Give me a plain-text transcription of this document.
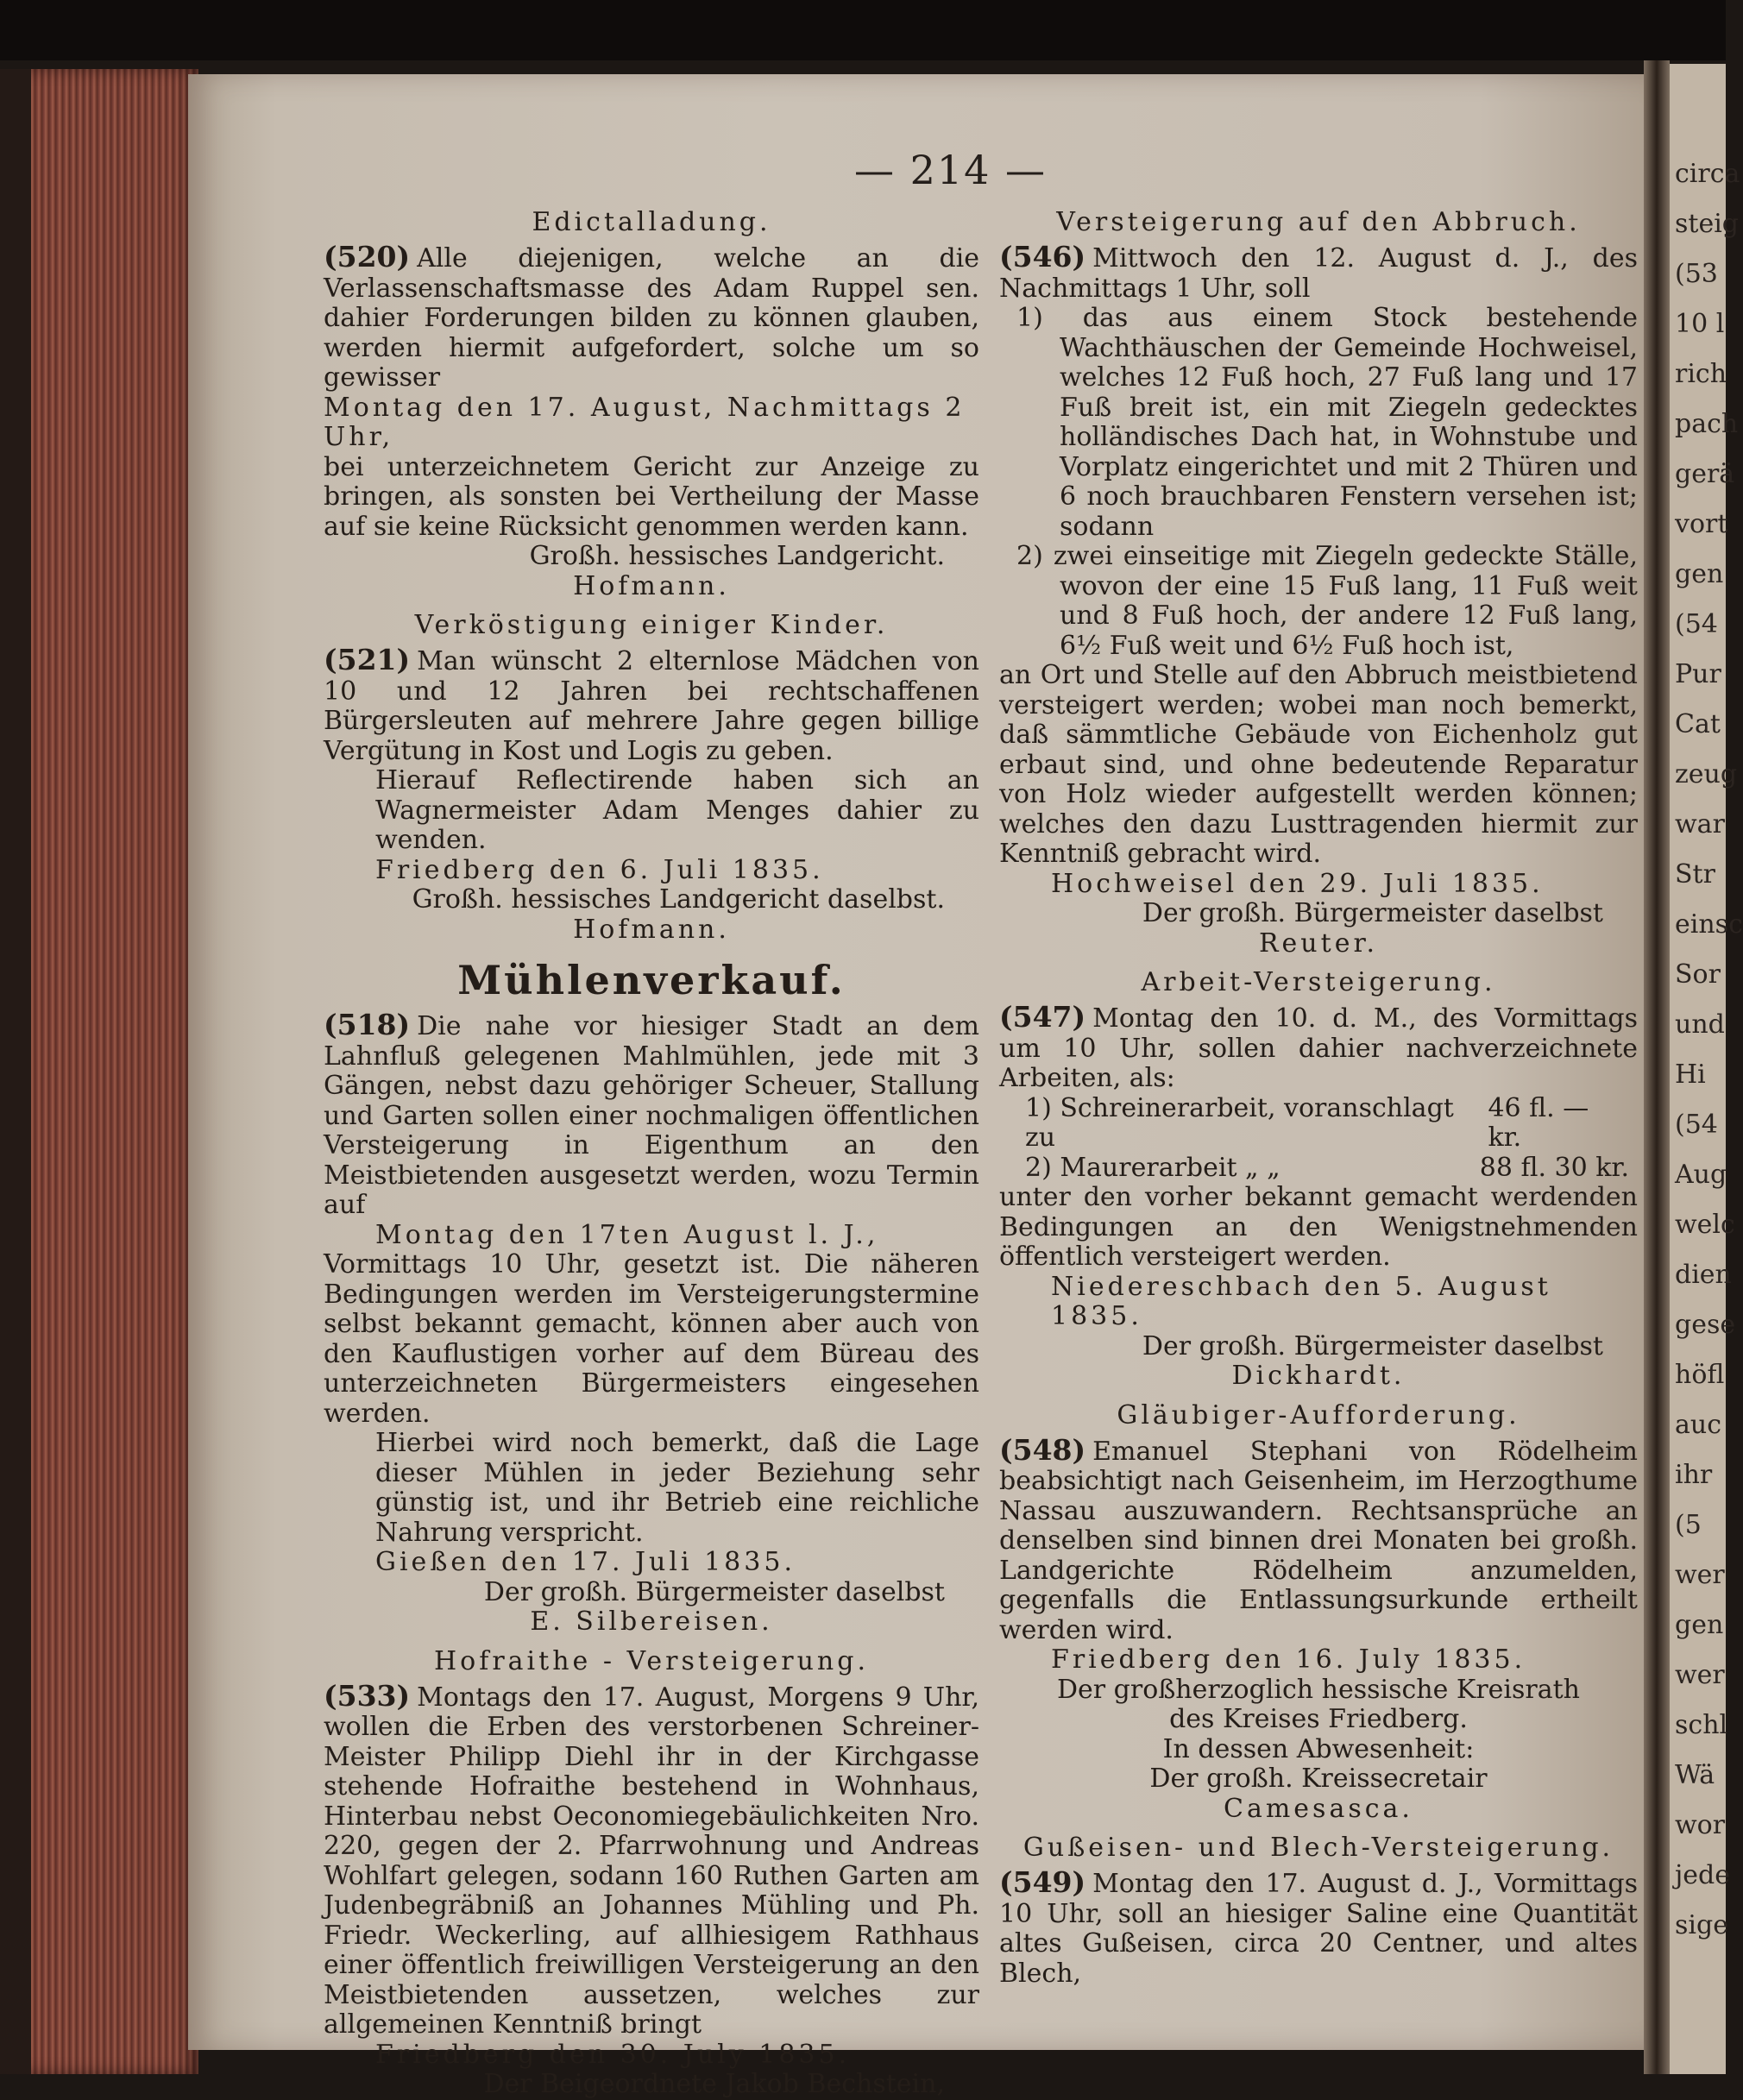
circa
steig
(53
10 l
rich
pach
gerä
vort
gen
(54
Pur
Cat
zeug
war
Str
einsc
Sor
und
Hi
(54
Aug
welc
dien
gese
höfl
auc
ihr
(5
wer
gen
wer
schl
Wä
wor
jede
sige
— 214 —
Edictalladung.
(520) Alle diejenigen, welche an die Verlassenschaftsmasse des Adam Ruppel sen. dahier Forderungen bilden zu können glauben, werden hiermit aufgefordert, solche um so gewisser
Montag den 17. August, Nachmittags 2 Uhr,
bei unterzeichnetem Gericht zur Anzeige zu bringen, als sonsten bei Vertheilung der Masse auf sie keine Rücksicht genommen werden kann.
Großh. hessisches Landgericht.
Hofmann.
Verköstigung einiger Kinder.
(521) Man wünscht 2 elternlose Mädchen von 10 und 12 Jahren bei rechtschaffenen Bürgersleuten auf mehrere Jahre gegen billige Vergütung in Kost und Logis zu geben.
Hierauf Reflectirende haben sich an Wagnermeister Adam Menges dahier zu wenden.
Friedberg den 6. Juli 1835.
Großh. hessisches Landgericht daselbst.
Hofmann.
Mühlenverkauf.
(518) Die nahe vor hiesiger Stadt an dem Lahnfluß gelegenen Mahlmühlen, jede mit 3 Gängen, nebst dazu gehöriger Scheuer, Stallung und Garten sollen einer nochmaligen öffentlichen Versteigerung in Eigenthum an den Meistbietenden ausgesetzt werden, wozu Termin auf
Montag den 17ten August l. J.,
Vormittags 10 Uhr, gesetzt ist. Die näheren Bedingungen werden im Versteigerungstermine selbst bekannt gemacht, können aber auch von den Kauflustigen vorher auf dem Büreau des unterzeichneten Bürgermeisters eingesehen werden.
Hierbei wird noch bemerkt, daß die Lage dieser Mühlen in jeder Beziehung sehr günstig ist, und ihr Betrieb eine reichliche Nahrung verspricht.
Gießen den 17. Juli 1835.
Der großh. Bürgermeister daselbst
E. Silbereisen.
Hofraithe - Versteigerung.
(533) Montags den 17. August, Morgens 9 Uhr, wollen die Erben des verstorbenen Schreiner-Meister Philipp Diehl ihr in der Kirchgasse stehende Hofraithe bestehend in Wohnhaus, Hinterbau nebst Oeconomiegebäulichkeiten Nro. 220, gegen der 2. Pfarrwohnung und Andreas Wohlfart gelegen, sodann 160 Ruthen Garten am Judenbegräbniß an Johannes Mühling und Ph. Friedr. Weckerling, auf allhiesigem Rathhaus einer öffentlich freiwilligen Versteigerung an den Meistbietenden aussetzen, welches zur allgemeinen Kenntniß bringt
Friedberg den 30. July 1835.
Der Beigeordnete Jakob Bechstein,
Versteigerung auf den Abbruch.
(546) Mittwoch den 12. August d. J., des Nachmittags 1 Uhr, soll
1) das aus einem Stock bestehende Wachthäuschen der Gemeinde Hochweisel, welches 12 Fuß hoch, 27 Fuß lang und 17 Fuß breit ist, ein mit Ziegeln gedecktes holländisches Dach hat, in Wohnstube und Vorplatz eingerichtet und mit 2 Thüren und 6 noch brauchbaren Fenstern versehen ist; sodann
2) zwei einseitige mit Ziegeln gedeckte Ställe, wovon der eine 15 Fuß lang, 11 Fuß weit und 8 Fuß hoch, der andere 12 Fuß lang, 6½ Fuß weit und 6½ Fuß hoch ist,
an Ort und Stelle auf den Abbruch meistbietend versteigert werden; wobei man noch bemerkt, daß sämmtliche Gebäude von Eichenholz gut erbaut sind, und ohne bedeutende Reparatur von Holz wieder aufgestellt werden können; welches den dazu Lusttragenden hiermit zur Kenntniß gebracht wird.
Hochweisel den 29. Juli 1835.
Der großh. Bürgermeister daselbst
Reuter.
Arbeit-Versteigerung.
(547) Montag den 10. d. M., des Vormittags um 10 Uhr, sollen dahier nachverzeichnete Arbeiten, als:
1) Schreinerarbeit, voranschlagt zu
46 fl. — kr.
2) Maurerarbeit „ „	88 fl. 30 kr.
unter den vorher bekannt gemacht werdenden Bedingungen an den Wenigstnehmenden öffentlich versteigert werden.
Niedereschbach den 5. August 1835.
Der großh. Bürgermeister daselbst
Dickhardt.
Gläubiger-Aufforderung.
(548) Emanuel Stephani von Rödelheim beabsichtigt nach Geisenheim, im Herzogthume Nassau auszuwandern. Rechtsansprüche an denselben sind binnen drei Monaten bei großh. Landgerichte Rödelheim anzumelden, gegenfalls die Entlassungsurkunde ertheilt werden wird.
Friedberg den 16. July 1835.
Der großherzoglich hessische Kreisrath
des Kreises Friedberg.
In dessen Abwesenheit:
Der großh. Kreissecretair
Camesasca.
Gußeisen- und Blech-Versteigerung.
(549) Montag den 17. August d. J., Vormittags 10 Uhr, soll an hiesiger Saline eine Quantität altes Gußeisen, circa 20 Centner, und altes Blech,
